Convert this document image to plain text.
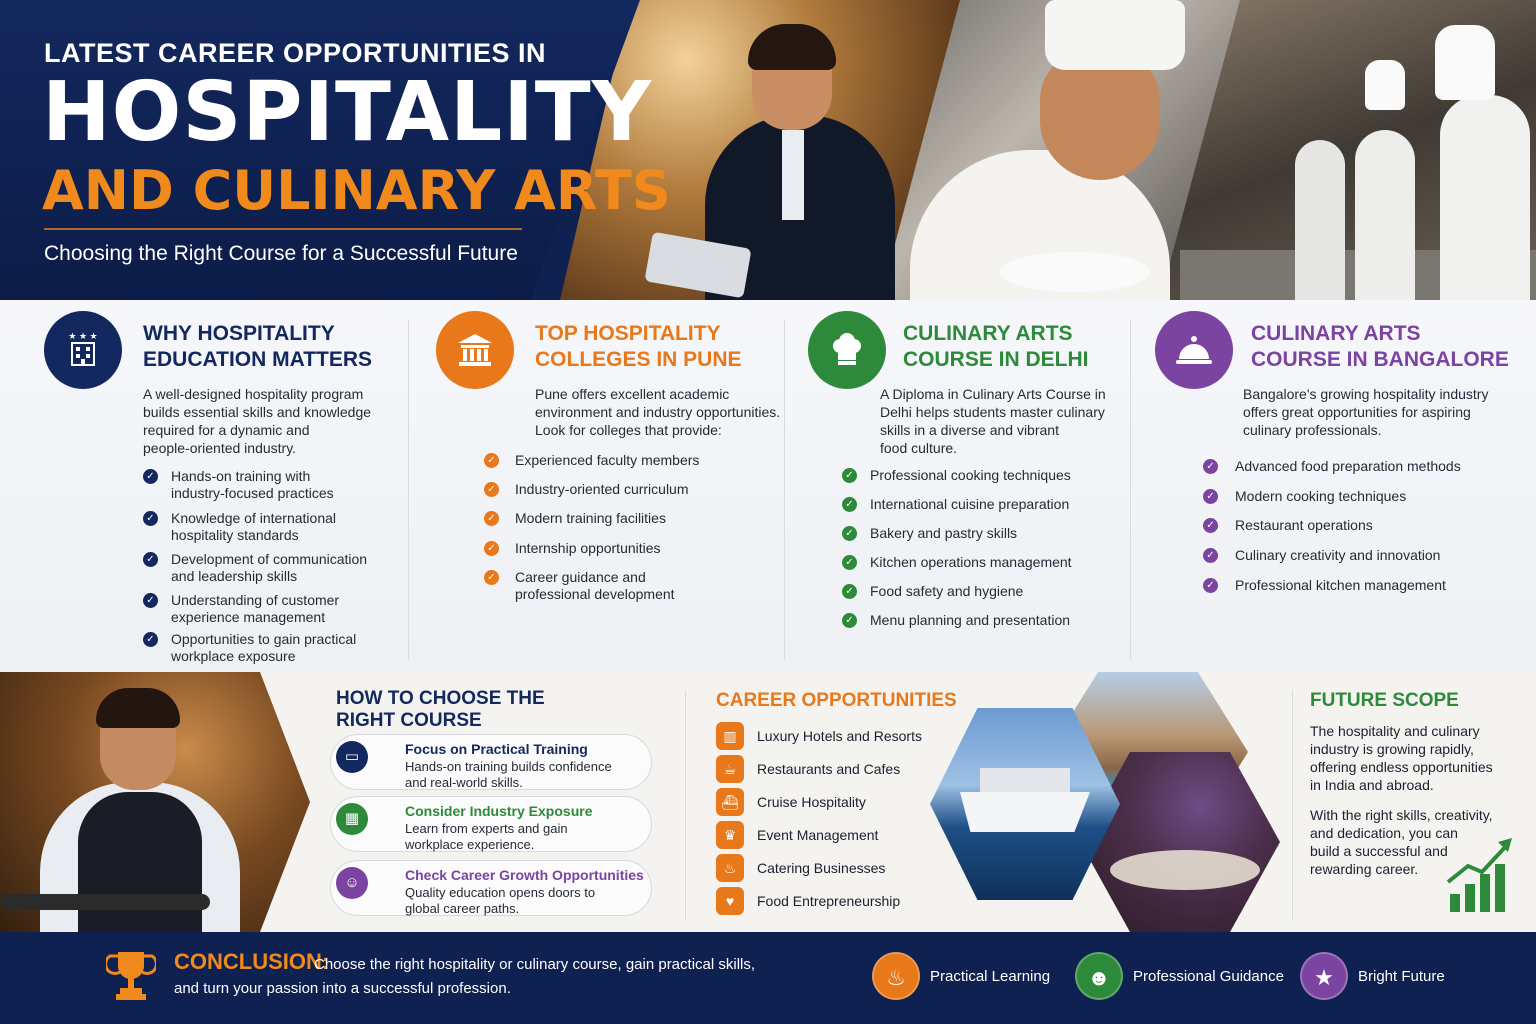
LATEST CAREER OPPORTUNITIES IN
HOSPITALITY
AND CULINARY ARTS
Choosing the Right Course for a Successful Future
★ ★ ★ WHY HOSPITALITY
EDUCATION MATTERS
A well-designed hospitality program
builds essential skills and knowledge
required for a dynamic and
people-oriented industry.
✓ Hands-on training with
industry-focused practices
✓ Knowledge of international
hospitality standards
✓ Development of communication
and leadership skills
✓ Understanding of customer
experience management
✓ Opportunities to gain practical
workplace exposure
TOP HOSPITALITY
COLLEGES IN PUNE
Pune offers excellent academic
environment and industry opportunities.
Look for colleges that provide:
✓ Experienced faculty members
✓ Industry-oriented curriculum
✓ Modern training facilities
✓ Internship opportunities
✓ Career guidance and
professional development
CULINARY ARTS
COURSE IN DELHI
A Diploma in Culinary Arts Course in
Delhi helps students master culinary
skills in a diverse and vibrant
food culture.
✓ Professional cooking techniques
✓ International cuisine preparation
✓ Bakery and pastry skills
✓ Kitchen operations management
✓ Food safety and hygiene
✓ Menu planning and presentation
CULINARY ARTS
COURSE IN BANGALORE
Bangalore's growing hospitality industry
offers great opportunities for aspiring
culinary professionals.
✓ Advanced food preparation methods
✓ Modern cooking techniques
✓ Restaurant operations
✓ Culinary creativity and innovation
✓ Professional kitchen management
HOW TO CHOOSE THE
RIGHT COURSE
▭	Focus on Practical Training
Hands-on training builds confidence
and real-world skills.
▦	Consider Industry Exposure
Learn from experts and gain
workplace experience.
☺	Check Career Growth Opportunities
Quality education opens doors to
global career paths.
CAREER OPPORTUNITIES
▥	Luxury Hotels and Resorts
☕	Restaurants and Cafes
⛴	Cruise Hospitality
♛	Event Management
♨	Catering Businesses
♥	Food Entrepreneurship
FUTURE SCOPE
The hospitality and culinary
industry is growing rapidly,
offering endless opportunities
in India and abroad.
With the right skills, creativity,
and dedication, you can
build a successful and
rewarding career.
CONCLUSION:
Choose the right hospitality or culinary course, gain practical skills,
and turn your passion into a successful profession.	♨	Practical Learning	☻	Professional Guidance	★	Bright Future
